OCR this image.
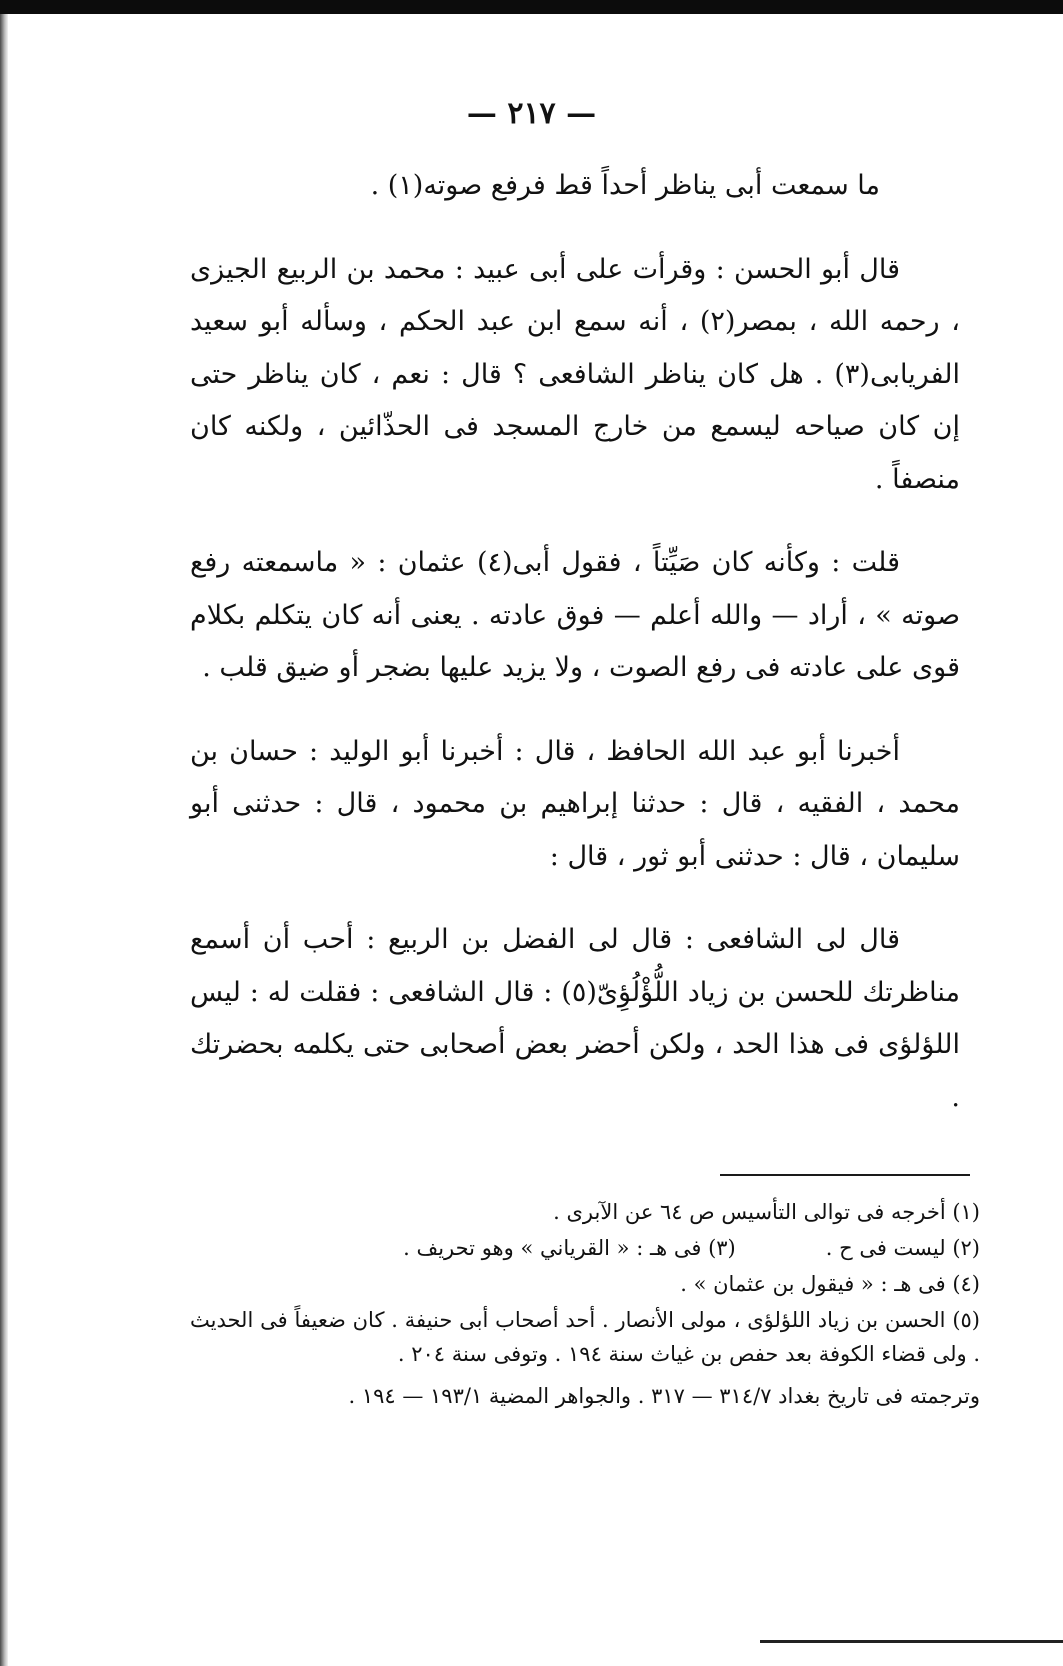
— ٢١٧ —

ما سمعت أبى يناظر أحداً قط فرفع صوته(١) .

قال أبو الحسن : وقرأت على أبى عبيد : محمد بن الربيع الجيزى ، رحمه الله ، بمصر(٢) ، أنه سمع ابن عبد الحكم ، وسأله أبو سعيد الفريابى(٣) . هل كان يناظر الشافعى ؟ قال : نعم ، كان يناظر حتى إن كان صياحه ليسمع من خارج المسجد فى الحذّائين ، ولكنه كان منصفاً .

قلت : وكأنه كان صَيِّتاً ، فقول أبى(٤) عثمان : « ماسمعته رفع صوته » ، أراد — والله أعلم — فوق عادته . يعنى أنه كان يتكلم بكلام قوى على عادته فى رفع الصوت ، ولا يزيد عليها بضجر أو ضيق قلب .

أخبرنا أبو عبد الله الحافظ ، قال : أخبرنا أبو الوليد : حسان بن محمد ، الفقيه ، قال : حدثنا إبراهيم بن محمود ، قال : حدثنى أبو سليمان ، قال : حدثنى أبو ثور ، قال :

قال لى الشافعى : قال لى الفضل بن الربيع : أحب أن أسمع مناظرتك للحسن بن زياد اللُّؤْلُؤِىّ(٥) : قال الشافعى : فقلت له : ليس اللؤلؤى فى هذا الحد ، ولكن أحضر بعض أصحابى حتى يكلمه بحضرتك .

(١) أخرجه فى توالى التأسيس ص ٦٤ عن الآبرى .

(٢) ليست فى ح .
(٣) فى هـ : « القرياني » وهو تحريف .

(٤) فى هـ : « فيقول بن عثمان » .

(٥) الحسن بن زياد اللؤلؤى ، مولى الأنصار . أحد أصحاب أبى حنيفة . كان ضعيفاً فى الحديث . ولى قضاء الكوفة بعد حفص بن غياث سنة ١٩٤ . وتوفى سنة ٢٠٤ .

وترجمته فى تاريخ بغداد ٣١٤/٧ — ٣١٧ . والجواهر المضية ١٩٣/١ — ١٩٤ .
